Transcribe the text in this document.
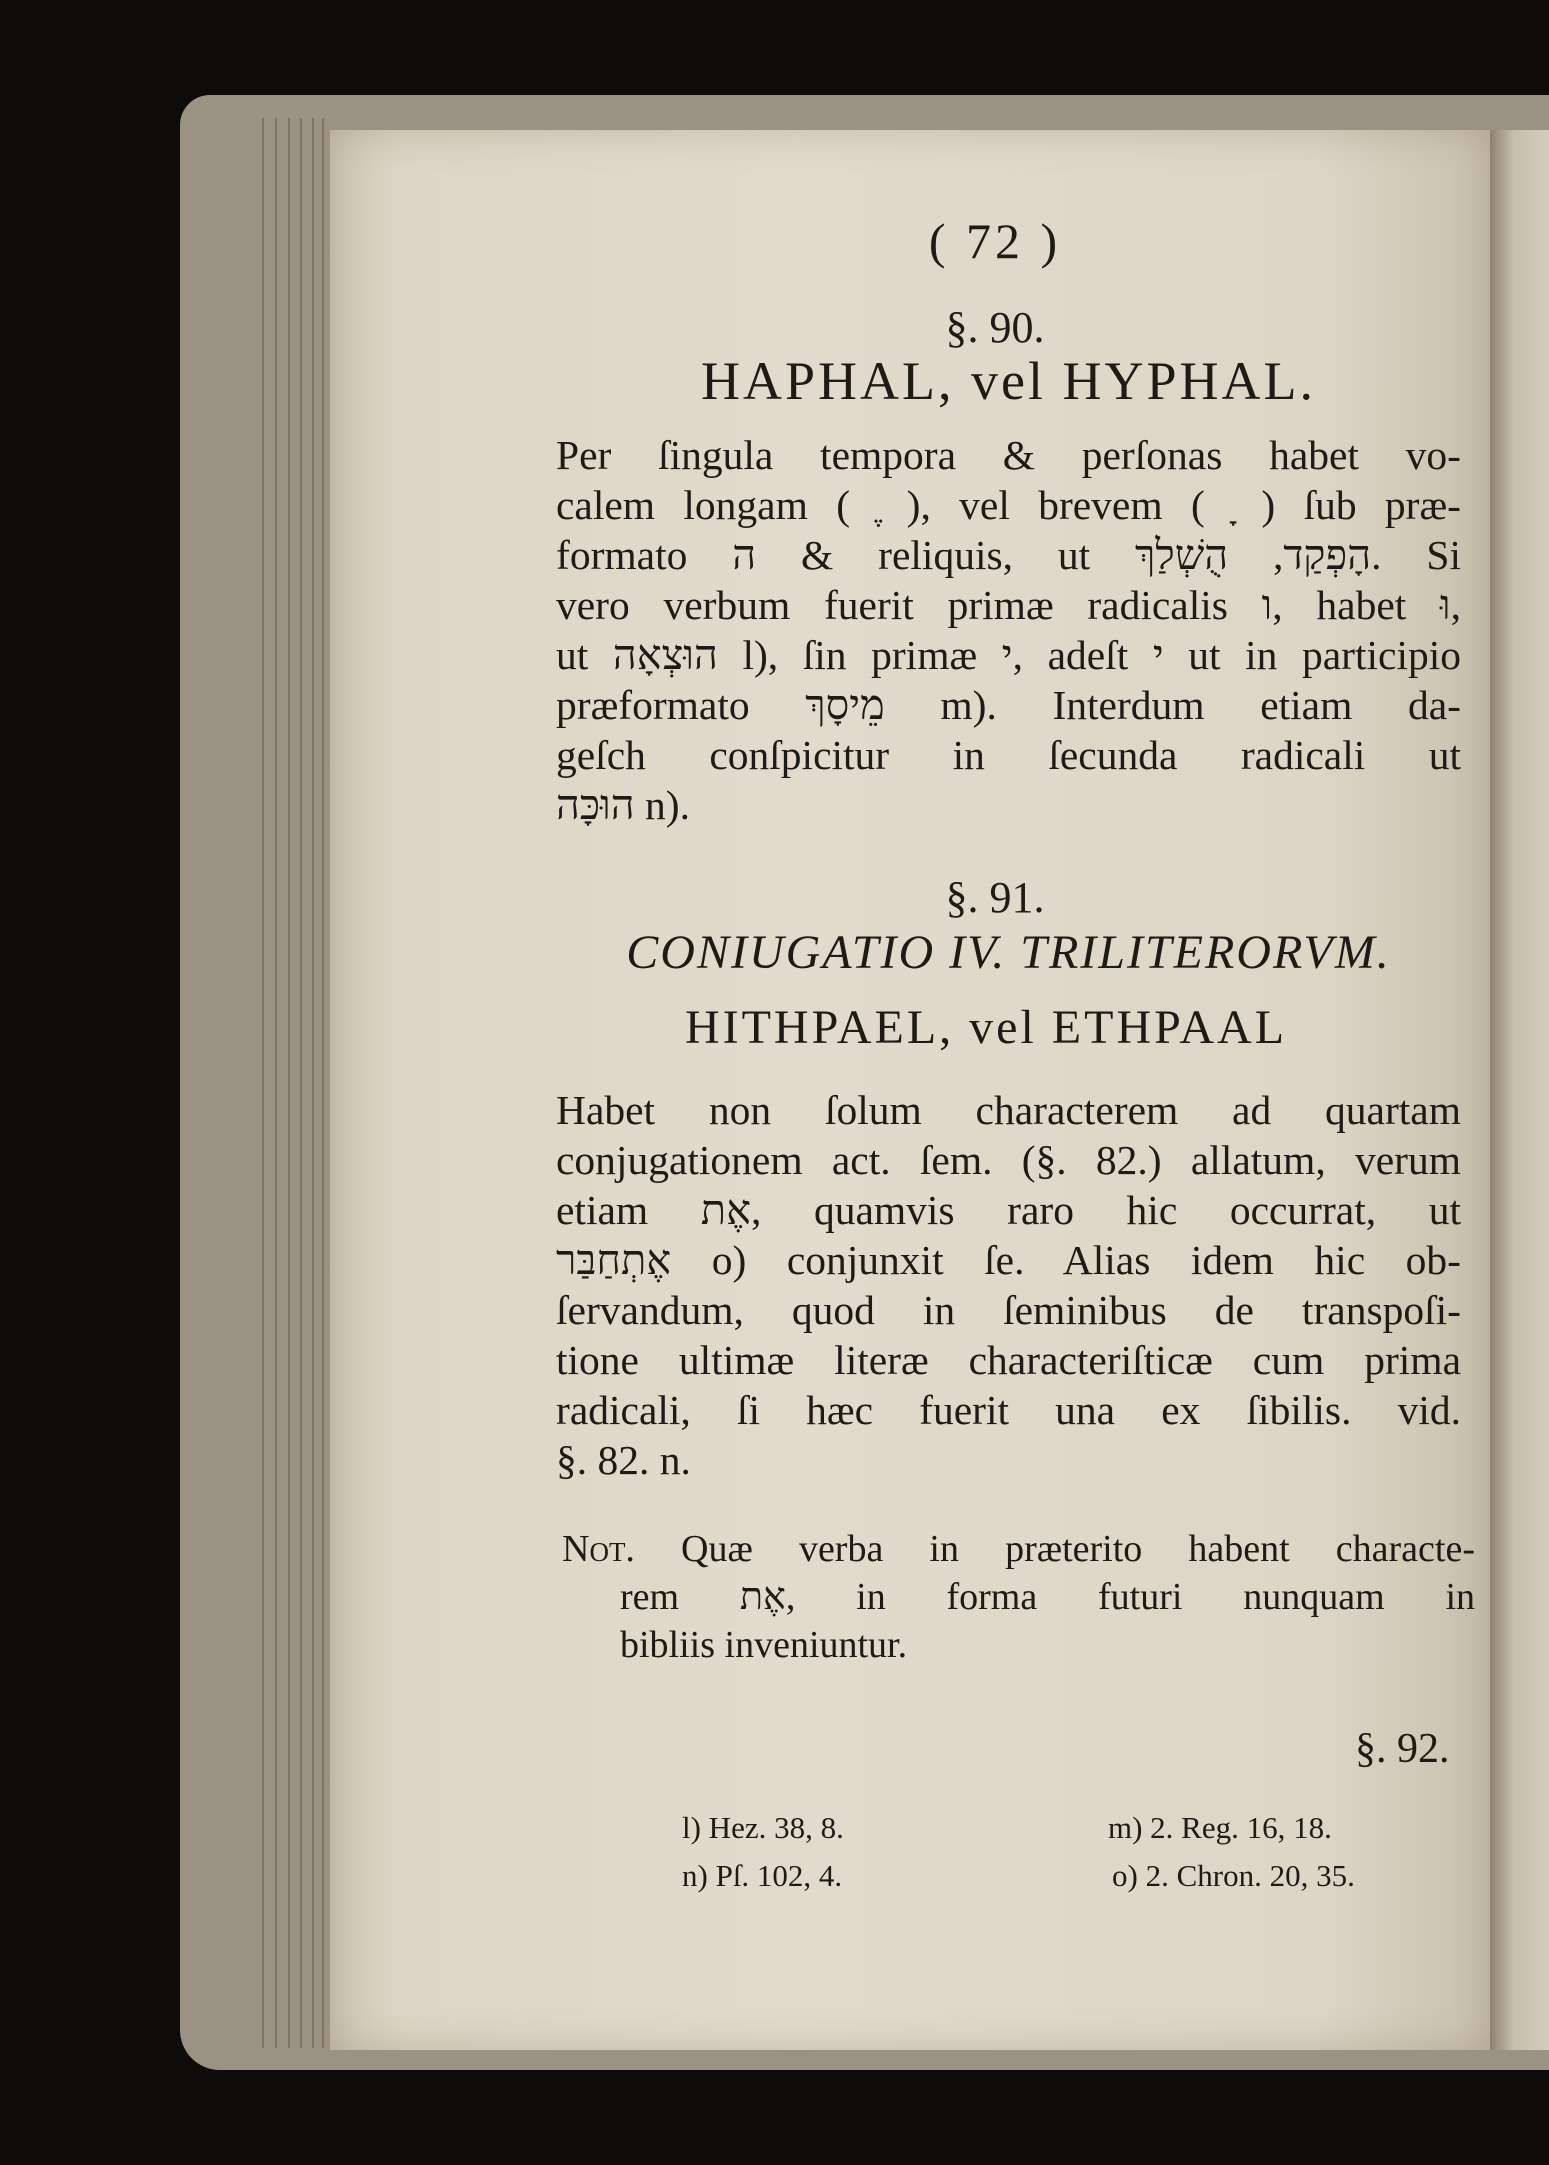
( 72 )
§. 90.
HAPHAL, vel HYPHAL.
Per ſingula tempora & perſonas habet vo-
calem longam ( ֶ ), vel brevem ( ָ ) ſub præ-
formato ה & reliquis, ut הָפְקַד, הֻשְׁלַךְ. Si
vero verbum fuerit primæ radicalis ו, habet וּ,
ut הוּצְאָה l), ſin primæ י, adeſt י ut in participio
præformato מֵיסָךְ m). Interdum etiam da-
geſch conſpicitur in ſecunda radicali ut
הוּכָּה n).
§. 91.
CONIUGATIO IV. TRILITERORVM.
HITHPAEL, vel ETHPAAL
Habet non ſolum characterem ad quartam
conjugationem act. ſem. (§. 82.) allatum, verum
etiam אֶת, quamvis raro hic occurrat, ut
אֶתְחַבַּר o) conjunxit ſe. Alias idem hic ob-
ſervandum, quod in ſeminibus de transpoſi-
tione ultimæ literæ characteriſticæ cum prima
radicali, ſi hæc fuerit una ex ſibilis. vid.
§. 82. n.
Not. Quæ verba in præterito habent characte-
rem אֶת, in forma futuri nunquam in
bibliis inveniuntur.
§. 92.
l) Hez. 38, 8.	m) 2. Reg. 16, 18.
n) Pſ. 102, 4.	o) 2. Chron. 20, 35.
